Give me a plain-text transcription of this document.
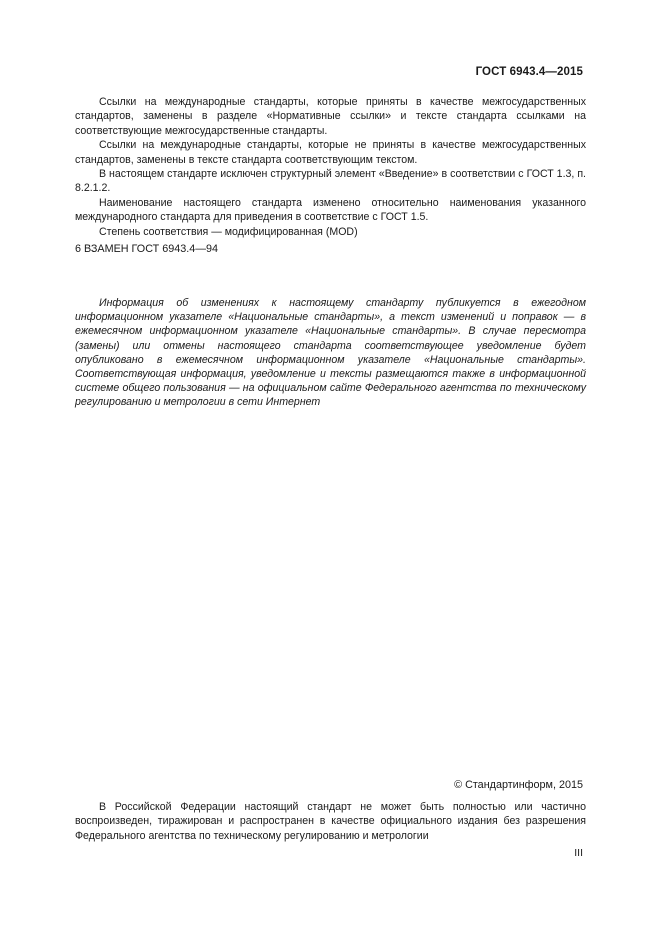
ГОСТ 6943.4—2015

Ссылки на международные стандарты, которые приняты в качестве межгосударственных стандартов, заменены в разделе «Нормативные ссылки» и тексте стандарта ссылками на соответствующие межгосударственные стандарты.

Ссылки на международные стандарты, которые не приняты в качестве межгосударственных стандартов, заменены в тексте стандарта соответствующим текстом.

В настоящем стандарте исключен структурный элемент «Введение» в соответствии с ГОСТ 1.3, п. 8.2.1.2.

Наименование настоящего стандарта изменено относительно наименования указанного международного стандарта для приведения в соответствие с ГОСТ 1.5.

Степень соответствия — модифицированная (MOD)

6 ВЗАМЕН ГОСТ 6943.4—94

Информация об изменениях к настоящему стандарту публикуется в ежегодном информационном указателе «Национальные стандарты», а текст изменений и поправок — в ежемесячном информационном указателе «Национальные стандарты». В случае пересмотра (замены) или отмены настоящего стандарта соответствующее уведомление будет опубликовано в ежемесячном информационном указателе «Национальные стандарты». Соответствующая информация, уведомление и тексты размещаются также в информационной системе общего пользования — на официальном сайте Федерального агентства по техническому регулированию и метрологии в сети Интернет

© Стандартинформ, 2015

В Российской Федерации настоящий стандарт не может быть полностью или частично воспроизведен, тиражирован и распространен в качестве официального издания без разрешения Федерального агентства по техническому регулированию и метрологии

III
